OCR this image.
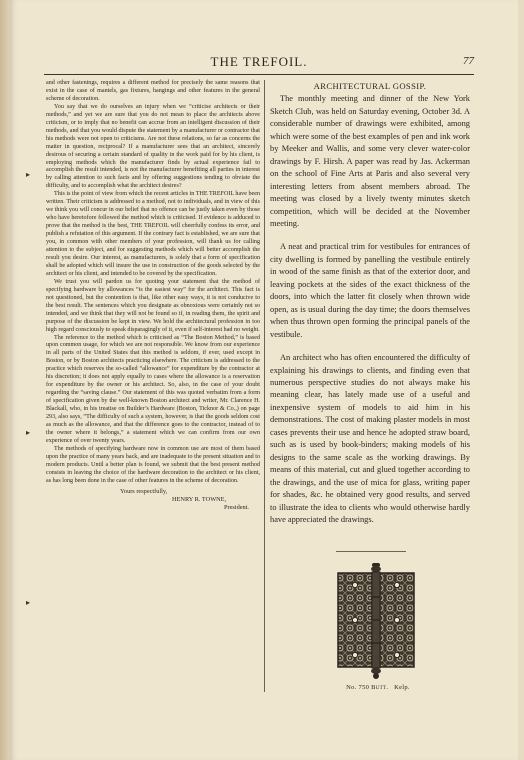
THE TREFOIL.	77

and other fastenings, requires a different method for precisely the same reasons that exist in the case of mantels, gas fixtures, hangings and other features in the general scheme of decoration.

You say that we do ourselves an injury when we “criticise architects or their methods,” and yet we are sure that you do not mean to place the architects above criticism, or to imply that no benefit can accrue from an intelligent discussion of their methods, and that you would dispute the statement by a manufacturer or contractor that his methods were not open to criticisms. Are not these relations, so far as concerns the matter in question, reciprocal? If a manufacturer sees that an architect, sincerely desirous of securing a certain standard of quality in the work paid for by his client, is employing methods which the manufacturer finds by actual experience fail to accomplish the result intended, is not the manufacturer benefiting all parties in interest by calling attention to such facts and by offering suggestions tending to obviate the difficulty, and to accomplish what the architect desires?

This is the point of view from which the recent articles in THE TREFOIL have been written. Their criticism is addressed to a method, not to individuals, and in view of this we think you will concur in our belief that no offence can be justly taken even by those who have heretofore followed the method which is criticised. If evidence is adduced to prove that the method is the best, THE TREFOIL will cheerfully confess its error, and publish a refutation of this argument. If the contrary fact is established, we are sure that you, in common with other members of your profession, will thank us for calling attention to the subject, and for suggesting methods which will better accomplish the result you desire. Our interest, as manufacturers, is solely that a form of specification shall be adopted which will insure the use in construction of the goods selected by the architect or his client, and intended to be covered by the specification.

We trust you will pardon us for quoting your statement that the method of specifying hardware by allowances “is the easiest way” for the architect. This fact is not questioned, but the contention is that, like other easy ways, it is not conducive to the best result. The sentences which you designate as obnoxious were certainly not so intended, and we think that they will not be found so if, in reading them, the spirit and purpose of the discussion be kept in view. We hold the architectural profession in too high regard consciously to speak disparagingly of it, even if self-interest had no weight.

The reference to the method which is criticised as “The Boston Method,” is based upon common usage, for which we are not responsible. We know from our experience in all parts of the United States that this method is seldom, if ever, used except in Boston, or by Boston architects practicing elsewhere. The criticism is addressed to the practice which reserves the so-called “allowance” for expenditure by the contractor at his discretion; it does not apply equally to cases where the allowance is a reservation for expenditure by the owner or his architect. So, also, in the case of your doubt regarding the “saving clause.” Our statement of this was quoted verbatim from a form of specification given by the well-known Boston architect and writer, Mr. Clarence H. Blackall, who, in his treatise on Builder’s Hardware (Boston, Ticknor & Co.,) on page 293, also says, “The difficulty of such a system, however, is that the goods seldom cost as much as the allowance, and that the difference goes to the contractor, instead of to the owner where it belongs,” a statement which we can confirm from our own experience of over twenty years.

The methods of specifying hardware now in common use are most of them based upon the practice of many years back, and are inadequate to the present situation and to modern products. Until a better plan is found, we submit that the best present method consists in leaving the choice of the hardware decoration to the architect or his client, as has long been done in the case of other features in the scheme of decoration.

Yours respectfully,
HENRY R. TOWNE,
President.
ARCHITECTURAL GOSSIP.

The monthly meeting and dinner of the New York Sketch Club, was held on Saturday evening, October 3d. A considerable number of drawings were exhibited, among which were some of the best examples of pen and ink work by Meeker and Wallis, and some very clever water-color drawings by F. Hirsh. A paper was read by Jas. Ackerman on the school of Fine Arts at Paris and also several very interesting letters from absent members abroad. The meeting was closed by a lively twenty minutes sketch competition, which will be decided at the November meeting.

A neat and practical trim for vestibules for entrances of city dwelling is formed by panelling the vestibule entirely in wood of the same finish as that of the exterior door, and leaving pockets at the sides of the exact thickness of the doors, into which the latter fit closely when thrown wide open, as is usual during the day time; the doors themselves when thus thrown open forming the principal panels of the vestibule.

An architect who has often encountered the difficulty of explaining his drawings to clients, and finding even that numerous perspective studies do not always make his meaning clear, has lately made use of a useful and inexpensive system of models to aid him in his demonstrations. The cost of making plaster models in most cases prevents their use and hence he adopted straw board, such as is used by book-binders; making models of his designs to the same scale as the working drawings. By means of this material, cut and glued together according to the drawings, and the use of mica for glass, writing paper for shades, &c. he obtained very good results, and served to illustrate the idea to clients who would otherwise hardly have appreciated the drawings.

No. 750 Butt. Kelp.
▸
▸
▸
